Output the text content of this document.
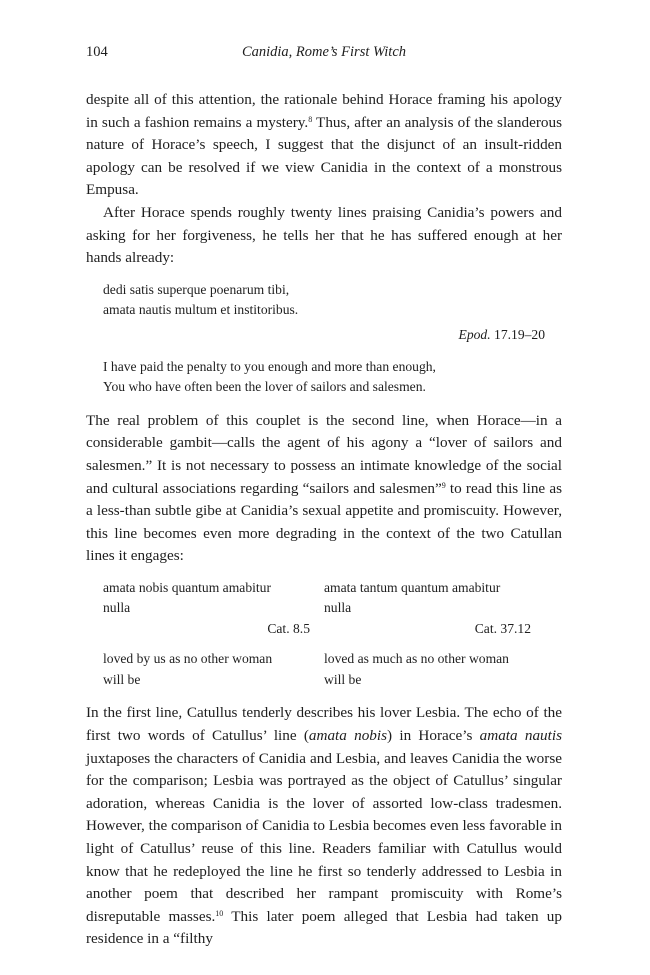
104	Canidia, Rome’s First Witch

despite all of this attention, the rationale behind Horace framing his apology in such a fashion remains a mystery.$^8$ Thus, after an analysis of the slanderous nature of Horace’s speech, I suggest that the disjunct of an insult-ridden apology can be resolved if we view Canidia in the context of a monstrous Empusa.

After Horace spends roughly twenty lines praising Canidia’s powers and asking for her forgiveness, he tells her that he has suffered enough at her hands already:

dedi satis superque poenarum tibi,
amata nautis multum et institoribus.
Epod. 17.19–20
I have paid the penalty to you enough and more than enough,
You who have often been the lover of sailors and salesmen.

The real problem of this couplet is the second line, when Horace—in a considerable gambit—calls the agent of his agony a “lover of sailors and salesmen.” It is not necessary to possess an intimate knowledge of the social and cultural associations regarding “sailors and salesmen”$^9$ to read this line as a less-than subtle gibe at Canidia’s sexual appetite and promiscuity. However, this line becomes even more degrading in the context of the two Catullan lines it engages:

amata nobis quantum amabitur
nulla
Cat. 8.5
amata tantum quantum amabitur
nulla
Cat. 37.12
loved by us as no other woman
will be
loved as much as no other woman
will be

In the first line, Catullus tenderly describes his lover Lesbia. The echo of the first two words of Catullus’ line (amata nobis) in Horace’s amata nautis juxtaposes the characters of Canidia and Lesbia, and leaves Canidia the worse for the comparison; Lesbia was portrayed as the object of Catullus’ singular adoration, whereas Canidia is the lover of assorted low-class tradesmen. However, the comparison of Canidia to Lesbia becomes even less favorable in light of Catullus’ reuse of this line. Readers familiar with Catullus would know that he redeployed the line he first so tenderly addressed to Lesbia in another poem that described her rampant promiscuity with Rome’s disreputable masses.$^{10}$ This later poem alleged that Lesbia had taken up residence in a “filthy
